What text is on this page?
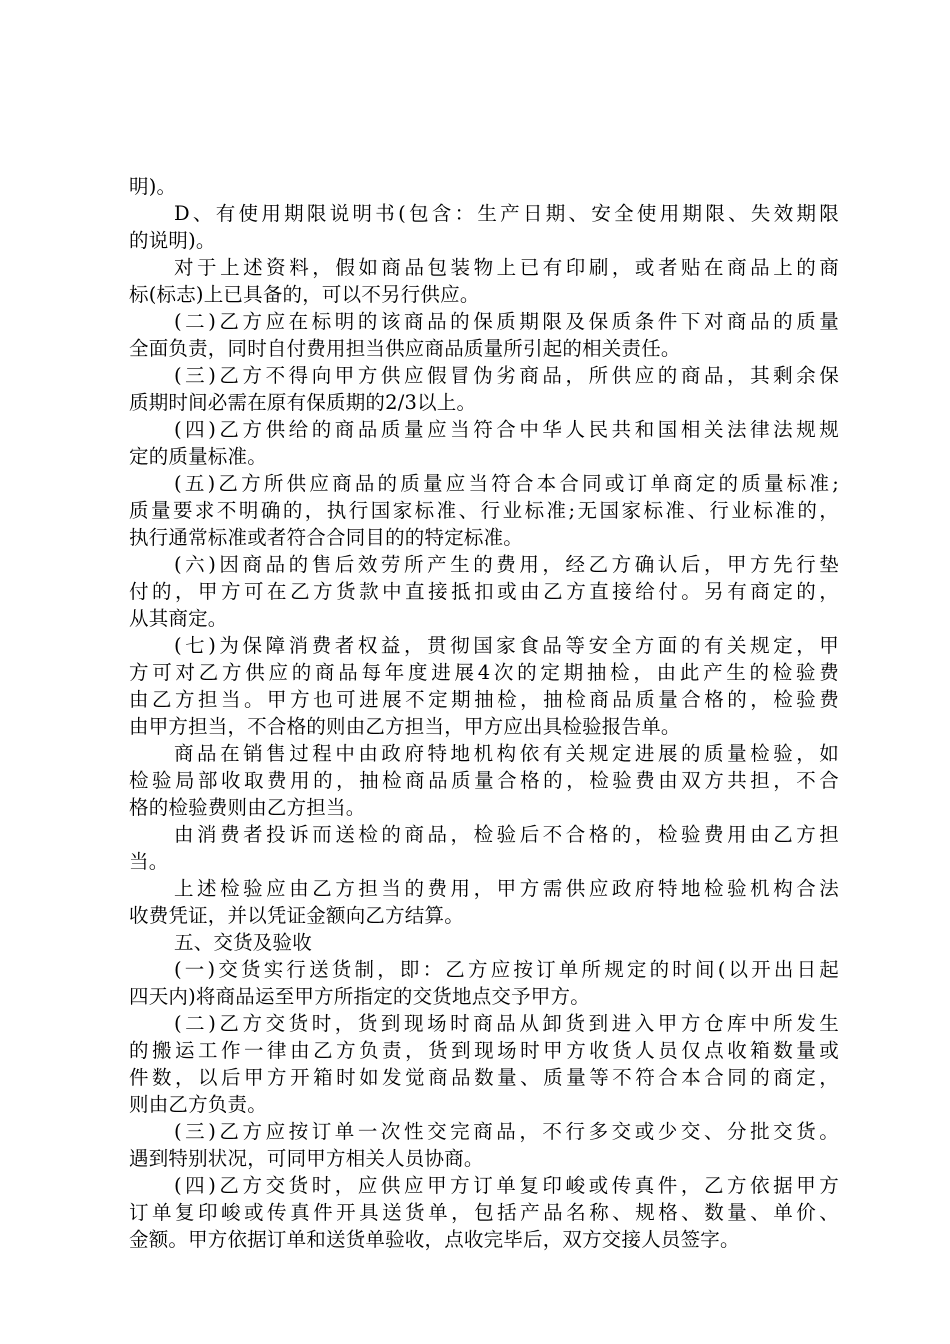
明)。
D、有使用期限说明书(包含：生产日期、安全使用期限、失效期限
的说明)。
对于上述资料，假如商品包装物上已有印刷，或者贴在商品上的商
标(标志)上已具备的，可以不另行供应。
(二)乙方应在标明的该商品的保质期限及保质条件下对商品的质量
全面负责，同时自付费用担当供应商品质量所引起的相关责任。
(三)乙方不得向甲方供应假冒伪劣商品，所供应的商品，其剩余保
质期时间必需在原有保质期的2/3以上。
(四)乙方供给的商品质量应当符合中华人民共和国相关法律法规规
定的质量标准。
(五)乙方所供应商品的质量应当符合本合同或订单商定的质量标准;
质量要求不明确的，执行国家标准、行业标准;无国家标准、行业标准的，
执行通常标准或者符合合同目的的特定标准。
(六)因商品的售后效劳所产生的费用，经乙方确认后，甲方先行垫
付的，甲方可在乙方货款中直接抵扣或由乙方直接给付。另有商定的，
从其商定。
(七)为保障消费者权益，贯彻国家食品等安全方面的有关规定，甲
方可对乙方供应的商品每年度进展4次的定期抽检，由此产生的检验费
由乙方担当。甲方也可进展不定期抽检，抽检商品质量合格的，检验费
由甲方担当，不合格的则由乙方担当，甲方应出具检验报告单。
商品在销售过程中由政府特地机构依有关规定进展的质量检验，如
检验局部收取费用的，抽检商品质量合格的，检验费由双方共担，不合
格的检验费则由乙方担当。
由消费者投诉而送检的商品，检验后不合格的，检验费用由乙方担
当。
上述检验应由乙方担当的费用，甲方需供应政府特地检验机构合法
收费凭证，并以凭证金额向乙方结算。
五、交货及验收
(一)交货实行送货制，即：乙方应按订单所规定的时间(以开出日起
四天内)将商品运至甲方所指定的交货地点交予甲方。
(二)乙方交货时，货到现场时商品从卸货到进入甲方仓库中所发生
的搬运工作一律由乙方负责，货到现场时甲方收货人员仅点收箱数量或
件数，以后甲方开箱时如发觉商品数量、质量等不符合本合同的商定，
则由乙方负责。
(三)乙方应按订单一次性交完商品，不行多交或少交、分批交货。
遇到特别状况，可同甲方相关人员协商。
(四)乙方交货时，应供应甲方订单复印峻或传真件，乙方依据甲方
订单复印峻或传真件开具送货单，包括产品名称、规格、数量、单价、
金额。甲方依据订单和送货单验收，点收完毕后，双方交接人员签字。
